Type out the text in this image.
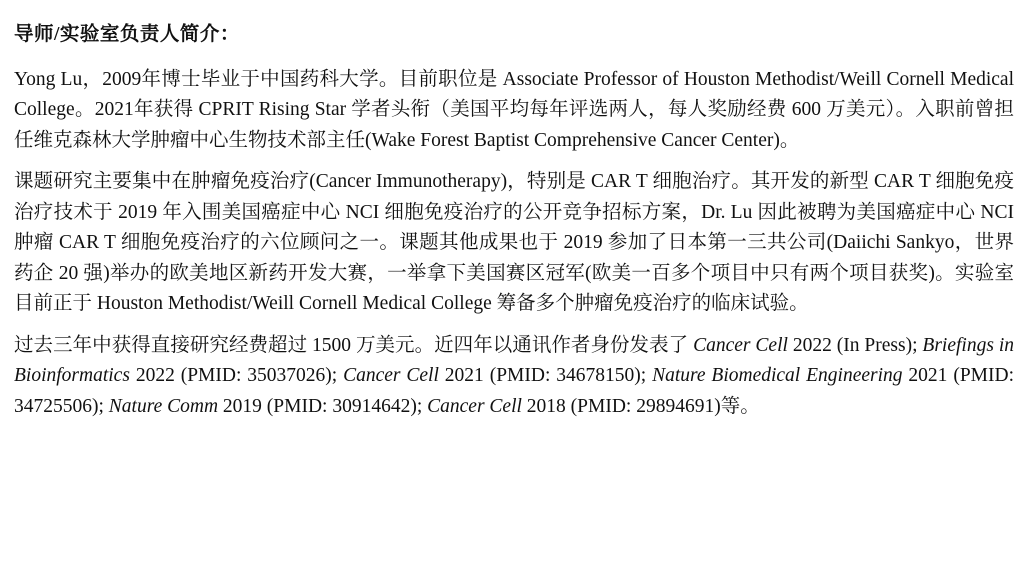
导师/实验室负责人简介：

Yong Lu，2009年博士毕业于中国药科大学。目前职位是 Associate Professor of Houston Methodist/Weill Cornell Medical College。2021年获得 CPRIT Rising Star 学者头衔（美国平均每年评选两人，每人奖励经费 600 万美元）。入职前曾担任维克森林大学肿瘤中心生物技术部主任(Wake Forest Baptist Comprehensive Cancer Center)。

课题研究主要集中在肿瘤免疫治疗(Cancer Immunotherapy)，特别是 CAR T 细胞治疗。其开发的新型 CAR T 细胞免疫治疗技术于 2019 年入围美国癌症中心 NCI 细胞免疫治疗的公开竞争招标方案，Dr. Lu 因此被聘为美国癌症中心 NCI 肿瘤 CAR T 细胞免疫治疗的六位顾问之一。课题其他成果也于 2019 参加了日本第一三共公司(Daiichi Sankyo，世界药企 20 强)举办的欧美地区新药开发大赛，一举拿下美国赛区冠军(欧美一百多个项目中只有两个项目获奖)。实验室目前正于 Houston Methodist/Weill Cornell Medical College 筹备多个肿瘤免疫治疗的临床试验。

过去三年中获得直接研究经费超过 1500 万美元。近四年以通讯作者身份发表了 Cancer Cell 2022 (In Press); Briefings in Bioinformatics 2022 (PMID: 35037026); Cancer Cell 2021 (PMID: 34678150); Nature Biomedical Engineering 2021 (PMID: 34725506); Nature Comm 2019 (PMID: 30914642); Cancer Cell 2018 (PMID: 29894691)等。
